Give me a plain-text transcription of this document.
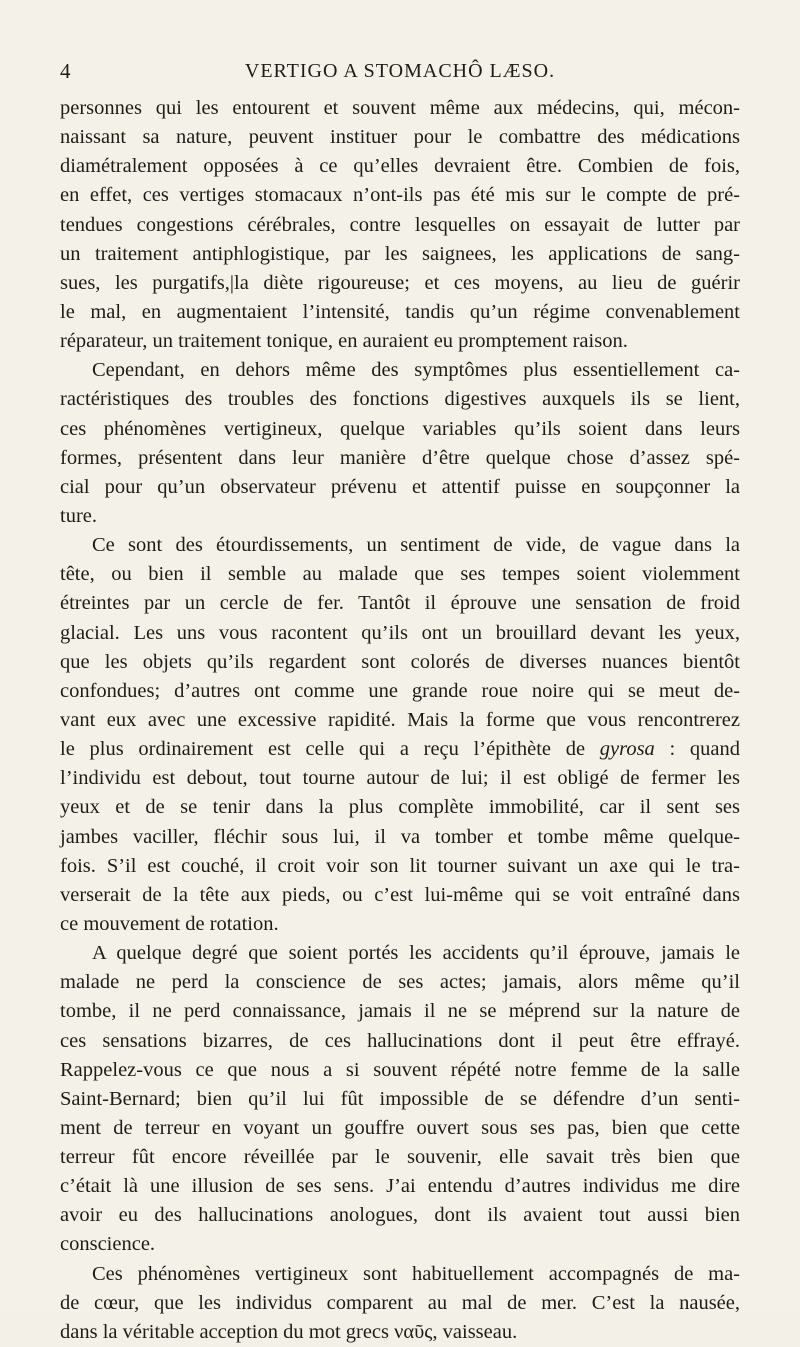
4	VERTIGO A STOMACHÔ LÆSO.
personnes qui les entourent et souvent même aux médecins, qui, mécon-
naissant sa nature, peuvent instituer pour le combattre des médications
diamétralement opposées à ce qu’elles devraient être. Combien de fois,
en effet, ces vertiges stomacaux n’ont-ils pas été mis sur le compte de pré-
tendues congestions cérébrales, contre lesquelles on essayait de lutter par
un traitement antiphlogistique, par les saignees, les applications de sang-
sues, les purgatifs,|la diète rigoureuse; et ces moyens, au lieu de guérir
le mal, en augmentaient l’intensité, tandis qu’un régime convenablement
réparateur, un traitement tonique, en auraient eu promptement raison.
Cependant, en dehors même des symptômes plus essentiellement ca-
ractéristiques des troubles des fonctions digestives auxquels ils se lient,
ces phénomènes vertigineux, quelque variables qu’ils soient dans leurs
formes, présentent dans leur manière d’être quelque chose d’assez spé-
cial pour qu’un observateur prévenu et attentif puisse en soupçonner la
ture.
Ce sont des étourdissements, un sentiment de vide, de vague dans la
tête, ou bien il semble au malade que ses tempes soient violemment
étreintes par un cercle de fer. Tantôt il éprouve une sensation de froid
glacial. Les uns vous racontent qu’ils ont un brouillard devant les yeux,
que les objets qu’ils regardent sont colorés de diverses nuances bientôt
confondues; d’autres ont comme une grande roue noire qui se meut de-
vant eux avec une excessive rapidité. Mais la forme que vous rencontrerez
le plus ordinairement est celle qui a reçu l’épithète de gyrosa : quand
l’individu est debout, tout tourne autour de lui; il est obligé de fermer les
yeux et de se tenir dans la plus complète immobilité, car il sent ses
jambes vaciller, fléchir sous lui, il va tomber et tombe même quelque-
fois. S’il est couché, il croit voir son lit tourner suivant un axe qui le tra-
verserait de la tête aux pieds, ou c’est lui-même qui se voit entraîné dans
ce mouvement de rotation.
A quelque degré que soient portés les accidents qu’il éprouve, jamais le
malade ne perd la conscience de ses actes; jamais, alors même qu’il
tombe, il ne perd connaissance, jamais il ne se méprend sur la nature de
ces sensations bizarres, de ces hallucinations dont il peut être effrayé.
Rappelez-vous ce que nous a si souvent répété notre femme de la salle
Saint-Bernard; bien qu’il lui fût impossible de se défendre d’un senti-
ment de terreur en voyant un gouffre ouvert sous ses pas, bien que cette
terreur fût encore réveillée par le souvenir, elle savait très bien que
c’était là une illusion de ses sens. J’ai entendu d’autres individus me dire
avoir eu des hallucinations anologues, dont ils avaient tout aussi bien
conscience.
Ces phénomènes vertigineux sont habituellement accompagnés de ma-
de cœur, que les individus comparent au mal de mer. C’est la nausée,
dans la véritable acception du mot grecs ναῦς, vaisseau.
